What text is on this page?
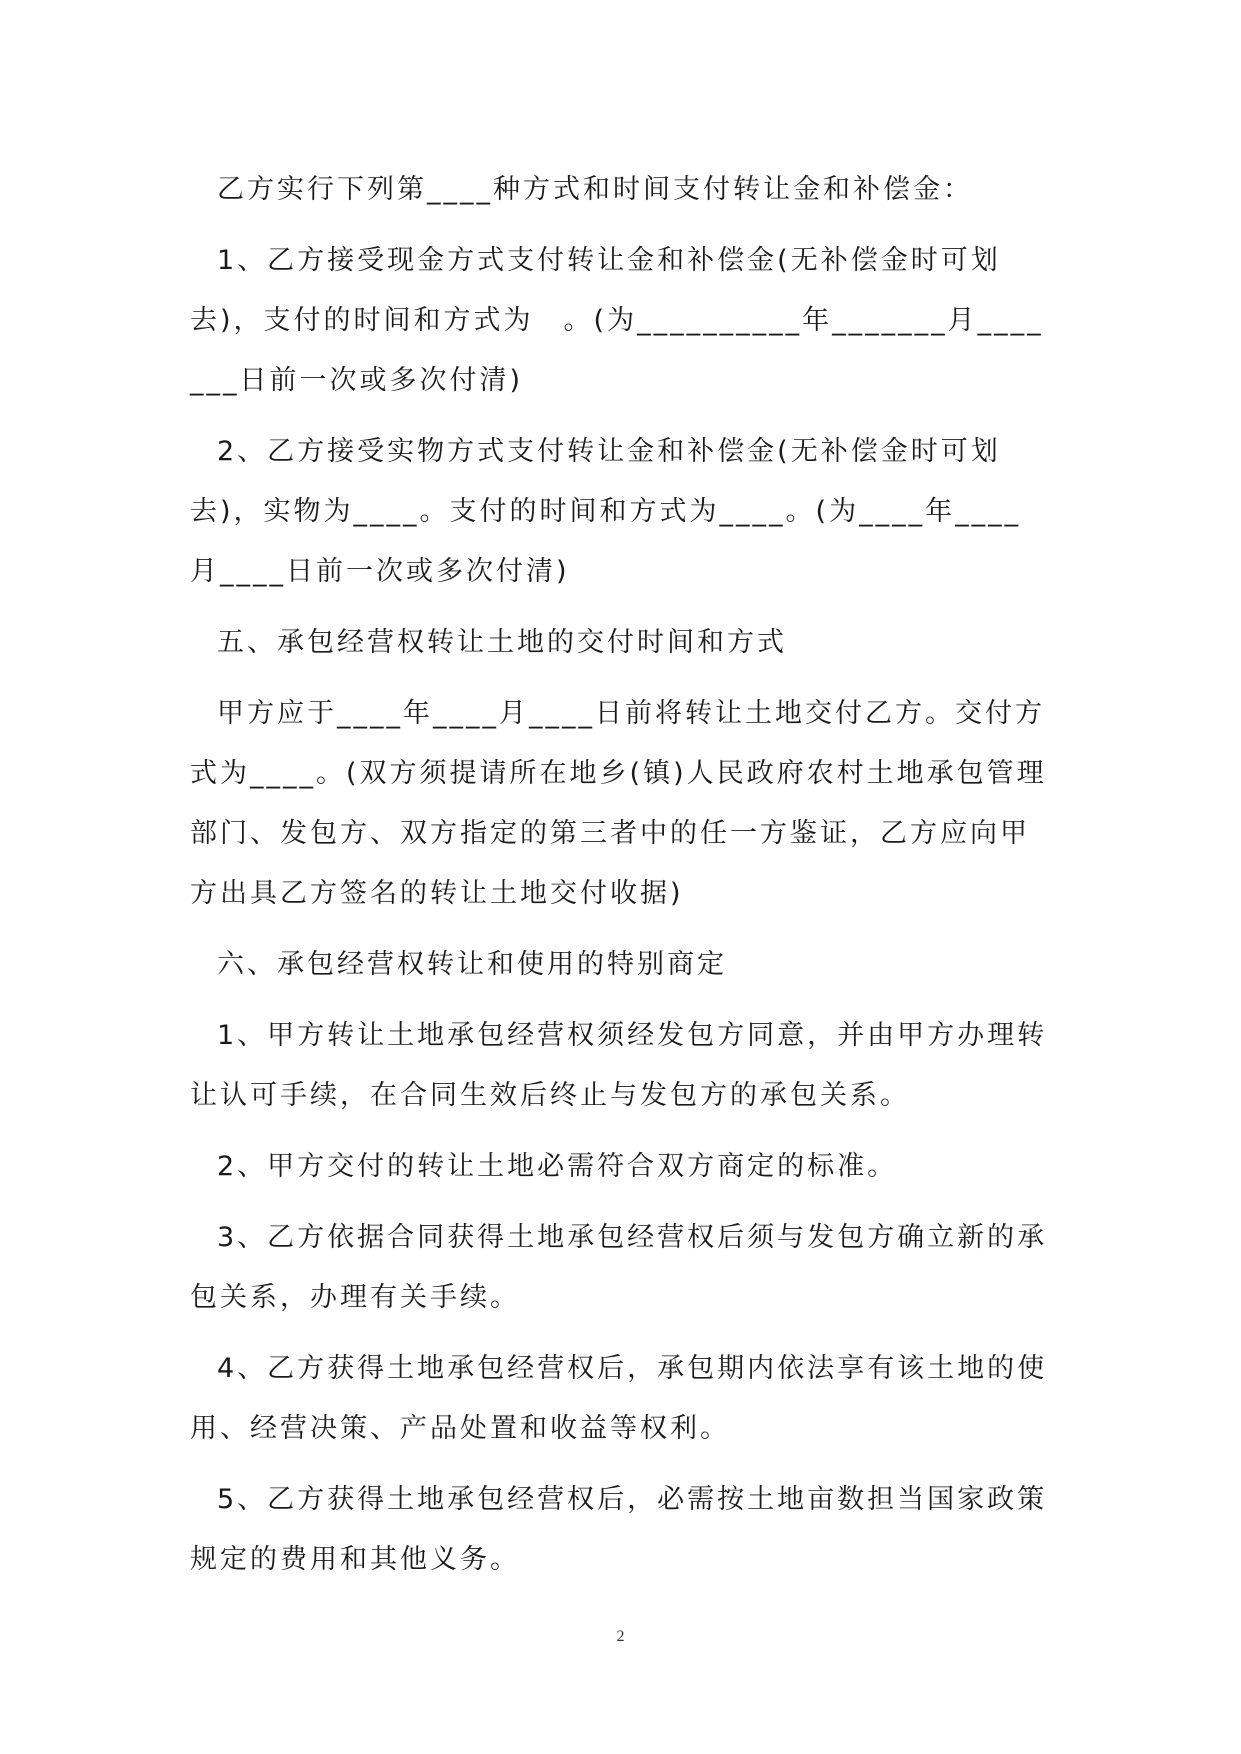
乙方实行下列第____种方式和时间支付转让金和补偿金：

1、乙方接受现金方式支付转让金和补偿金(无补偿金时可划去)，支付的时间和方式为　。(为__________年_______月_______日前一次或多次付清)

2、乙方接受实物方式支付转让金和补偿金(无补偿金时可划去)，实物为____。支付的时间和方式为____。(为____年____月____日前一次或多次付清)

五、承包经营权转让土地的交付时间和方式

甲方应于____年____月____日前将转让土地交付乙方。交付方式为____。(双方须提请所在地乡(镇)人民政府农村土地承包管理部门、发包方、双方指定的第三者中的任一方鉴证，乙方应向甲方出具乙方签名的转让土地交付收据)

六、承包经营权转让和使用的特别商定

1、甲方转让土地承包经营权须经发包方同意，并由甲方办理转让认可手续，在合同生效后终止与发包方的承包关系。

2、甲方交付的转让土地必需符合双方商定的标准。

3、乙方依据合同获得土地承包经营权后须与发包方确立新的承包关系，办理有关手续。

4、乙方获得土地承包经营权后，承包期内依法享有该土地的使用、经营决策、产品处置和收益等权利。

5、乙方获得土地承包经营权后，必需按土地亩数担当国家政策规定的费用和其他义务。

2
